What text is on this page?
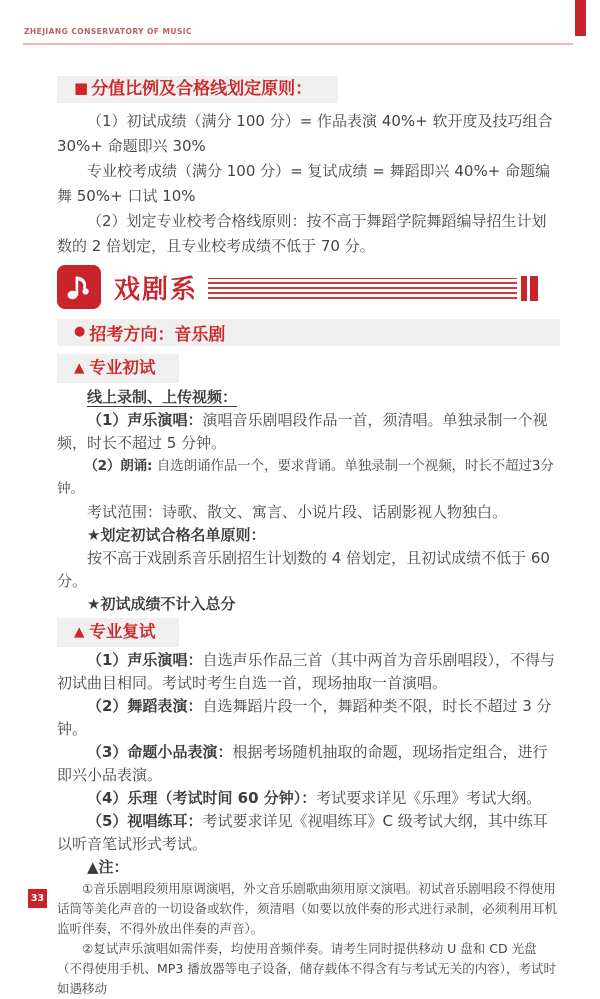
ZHEJIANG CONSERVATORY OF MUSIC
■ 分值比例及合格线划定原则：

（1）初试成绩（满分 100 分）= 作品表演 40%+ 软开度及技巧组合 30%+ 命题即兴 30%

专业校考成绩（满分 100 分）= 复试成绩 = 舞蹈即兴 40%+ 命题编舞 50%+ 口试 10%

（2）划定专业校考合格线原则：按不高于舞蹈学院舞蹈编导招生计划数的 2 倍划定，且专业校考成绩不低于 70 分。

戏剧系
● 招考方向：音乐剧
▲ 专业初试

线上录制、上传视频：

（1）声乐演唱：演唱音乐剧唱段作品一首，须清唱。单独录制一个视频，时长不超过 5 分钟。

（2）朗诵: 自选朗诵作品一个，要求背诵。单独录制一个视频，时长不超过3分钟。

考试范围：诗歌、散文、寓言、小说片段、话剧影视人物独白。

★划定初试合格名单原则：

按不高于戏剧系音乐剧招生计划数的 4 倍划定，且初试成绩不低于 60 分。

★初试成绩不计入总分

▲ 专业复试

（1）声乐演唱：自选声乐作品三首（其中两首为音乐剧唱段），不得与初试曲目相同。考试时考生自选一首，现场抽取一首演唱。

（2）舞蹈表演：自选舞蹈片段一个，舞蹈种类不限，时长不超过 3 分钟。

（3）命题小品表演：根据考场随机抽取的命题，现场指定组合，进行即兴小品表演。

（4）乐理（考试时间 60 分钟）：考试要求详见《乐理》考试大纲。

（5）视唱练耳：考试要求详见《视唱练耳》C 级考试大纲，其中练耳以听音笔试形式考试。

▲注：

①音乐剧唱段须用原调演唱，外文音乐剧歌曲须用原文演唱。初试音乐剧唱段不得使用话筒等美化声音的一切设备或软件，须清唱（如要以放伴奏的形式进行录制，必须利用耳机监听伴奏，不得外放出伴奏的声音）。

②复试声乐演唱如需伴奏，均使用音频伴奏。请考生同时提供移动 U 盘和 CD 光盘（不得使用手机、MP3 播放器等电子设备，储存载体不得含有与考试无关的内容），考试时如遇移动

33
